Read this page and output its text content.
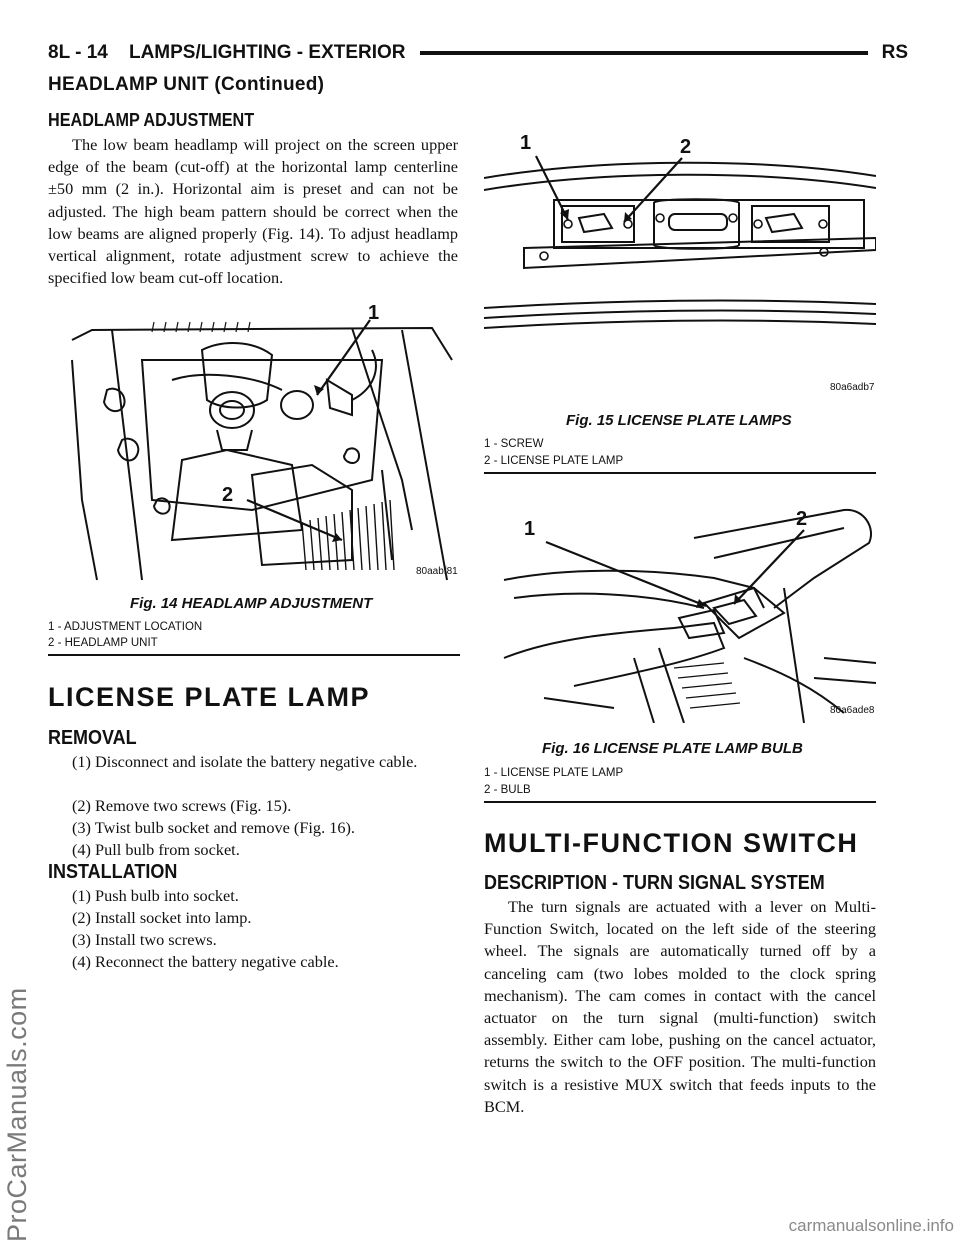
ProCarManuals.com
8L - 14    LAMPS/LIGHTING - EXTERIOR	RS
HEADLAMP UNIT (Continued)
HEADLAMP ADJUSTMENT
The low beam headlamp will project on the screen upper edge of the beam (cut-off) at the horizontal lamp centerline ±50 mm (2 in.). Horizontal aim is preset and can not be adjusted. The high beam pattern should be correct when the low beams are aligned properly (Fig. 14). To adjust headlamp vertical alignment, rotate adjustment screw to achieve the specified low beam cut-off location.
1
2
80aabf81
Fig. 14 HEADLAMP ADJUSTMENT
1 - ADJUSTMENT LOCATION
2 - HEADLAMP UNIT
LICENSE PLATE LAMP
REMOVAL
(1) Disconnect and isolate the battery negative cable.
(2) Remove two screws (Fig. 15).
(3) Twist bulb socket and remove (Fig. 16).
(4) Pull bulb from socket.
INSTALLATION
(1) Push bulb into socket.
(2) Install socket into lamp.
(3) Install two screws.
(4) Reconnect the battery negative cable.
1	2
80a6adb7
Fig. 15 LICENSE PLATE LAMPS
1 - SCREW
2 - LICENSE PLATE LAMP
1	2
80a6ade8
Fig. 16 LICENSE PLATE LAMP BULB
1 - LICENSE PLATE LAMP
2 - BULB
MULTI-FUNCTION SWITCH
DESCRIPTION - TURN SIGNAL SYSTEM
The turn signals are actuated with a lever on Multi-Function Switch, located on the left side of the steering wheel. The signals are automatically turned off by a canceling cam (two lobes molded to the clock spring mechanism). The cam comes in contact with the cancel actuator on the turn signal (multi-function) switch assembly. Either cam lobe, pushing on the cancel actuator, returns the switch to the OFF position. The multi-function switch is a resistive MUX switch that feeds inputs to the BCM.
carmanualsonline.info
